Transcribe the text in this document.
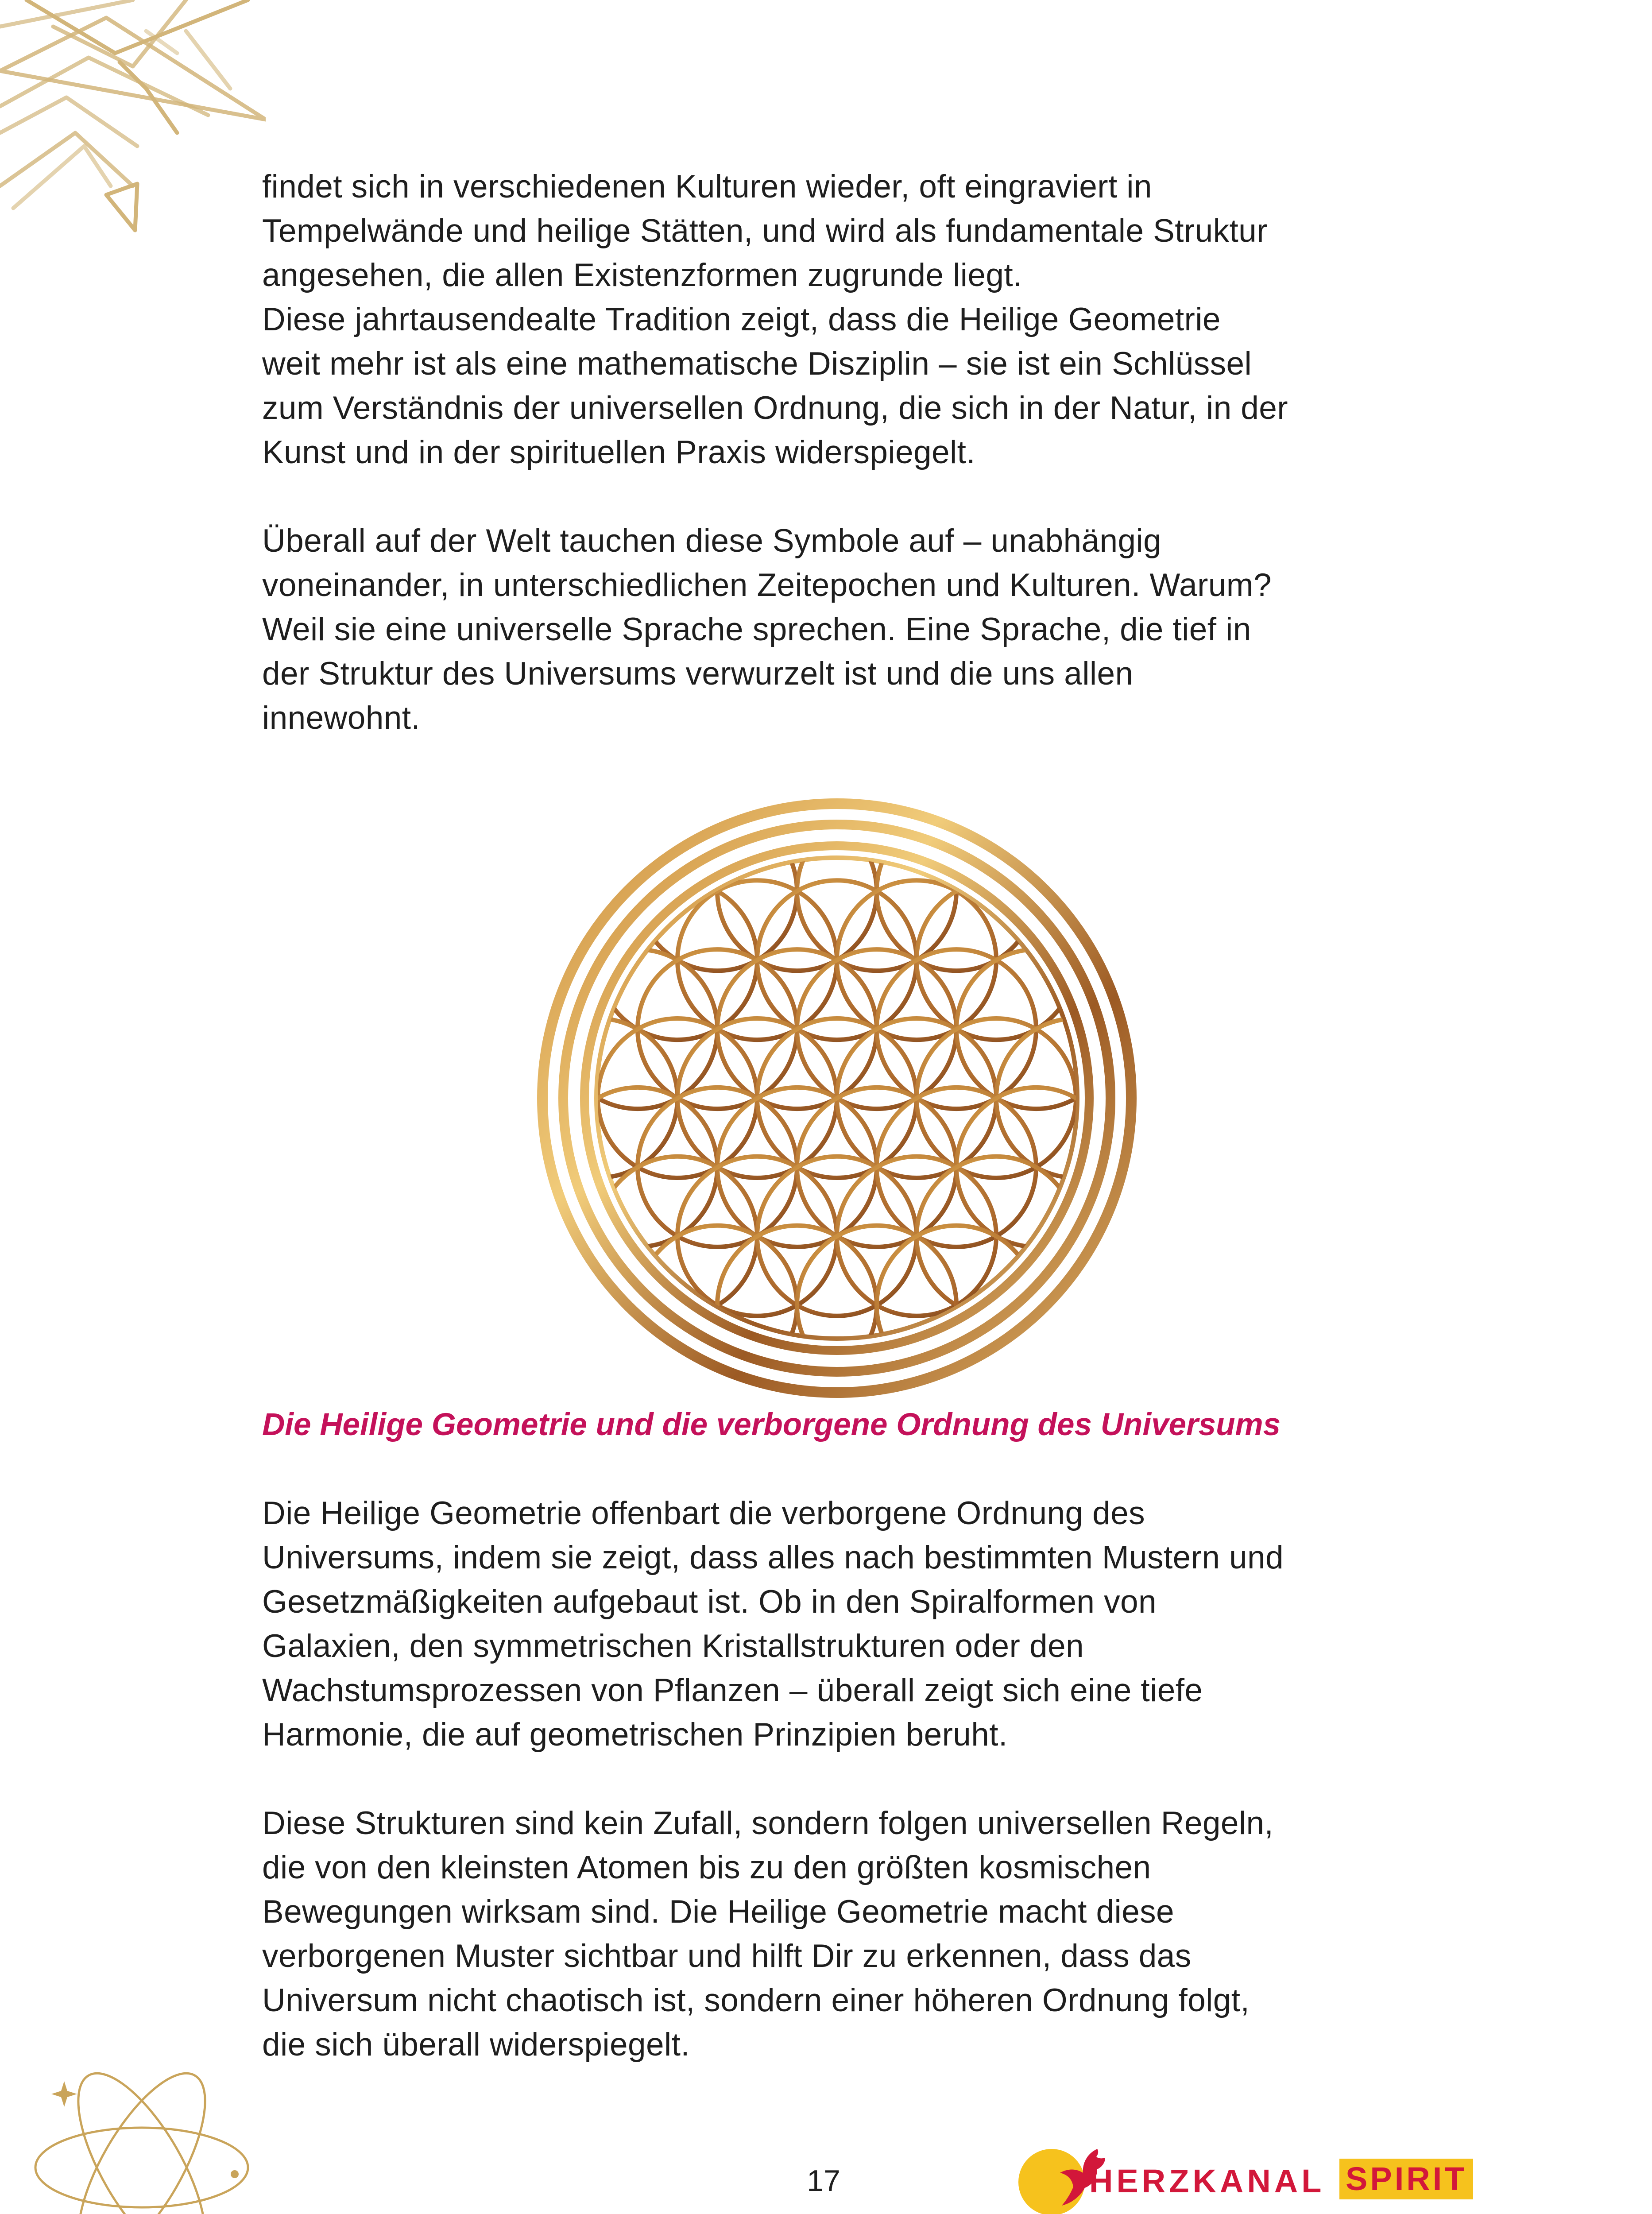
findet sich in verschiedenen Kulturen wieder, oft eingraviert in

Tempelwände und heilige Stätten, und wird als fundamentale Struktur

angesehen, die allen Existenzformen zugrunde liegt.

Diese jahrtausendealte Tradition zeigt, dass die Heilige Geometrie

weit mehr ist als eine mathematische Disziplin – sie ist ein Schlüssel

zum Verständnis der universellen Ordnung, die sich in der Natur, in der

Kunst und in der spirituellen Praxis widerspiegelt.

Überall auf der Welt tauchen diese Symbole auf – unabhängig

voneinander, in unterschiedlichen Zeitepochen und Kulturen. Warum?

Weil sie eine universelle Sprache sprechen. Eine Sprache, die tief in

der Struktur des Universums verwurzelt ist und die uns allen

innewohnt.

Die Heilige Geometrie und die verborgene Ordnung des Universums

Die Heilige Geometrie offenbart die verborgene Ordnung des

Universums, indem sie zeigt, dass alles nach bestimmten Mustern und

Gesetzmäßigkeiten aufgebaut ist. Ob in den Spiralformen von

Galaxien, den symmetrischen Kristallstrukturen oder den

Wachstumsprozessen von Pflanzen – überall zeigt sich eine tiefe

Harmonie, die auf geometrischen Prinzipien beruht.

Diese Strukturen sind kein Zufall, sondern folgen universellen Regeln,

die von den kleinsten Atomen bis zu den größten kosmischen

Bewegungen wirksam sind. Die Heilige Geometrie macht diese

verborgenen Muster sichtbar und hilft Dir zu erkennen, dass das

Universum nicht chaotisch ist, sondern einer höheren Ordnung folgt,

die sich überall widerspiegelt.

17	HERZKANAL SPIRIT
